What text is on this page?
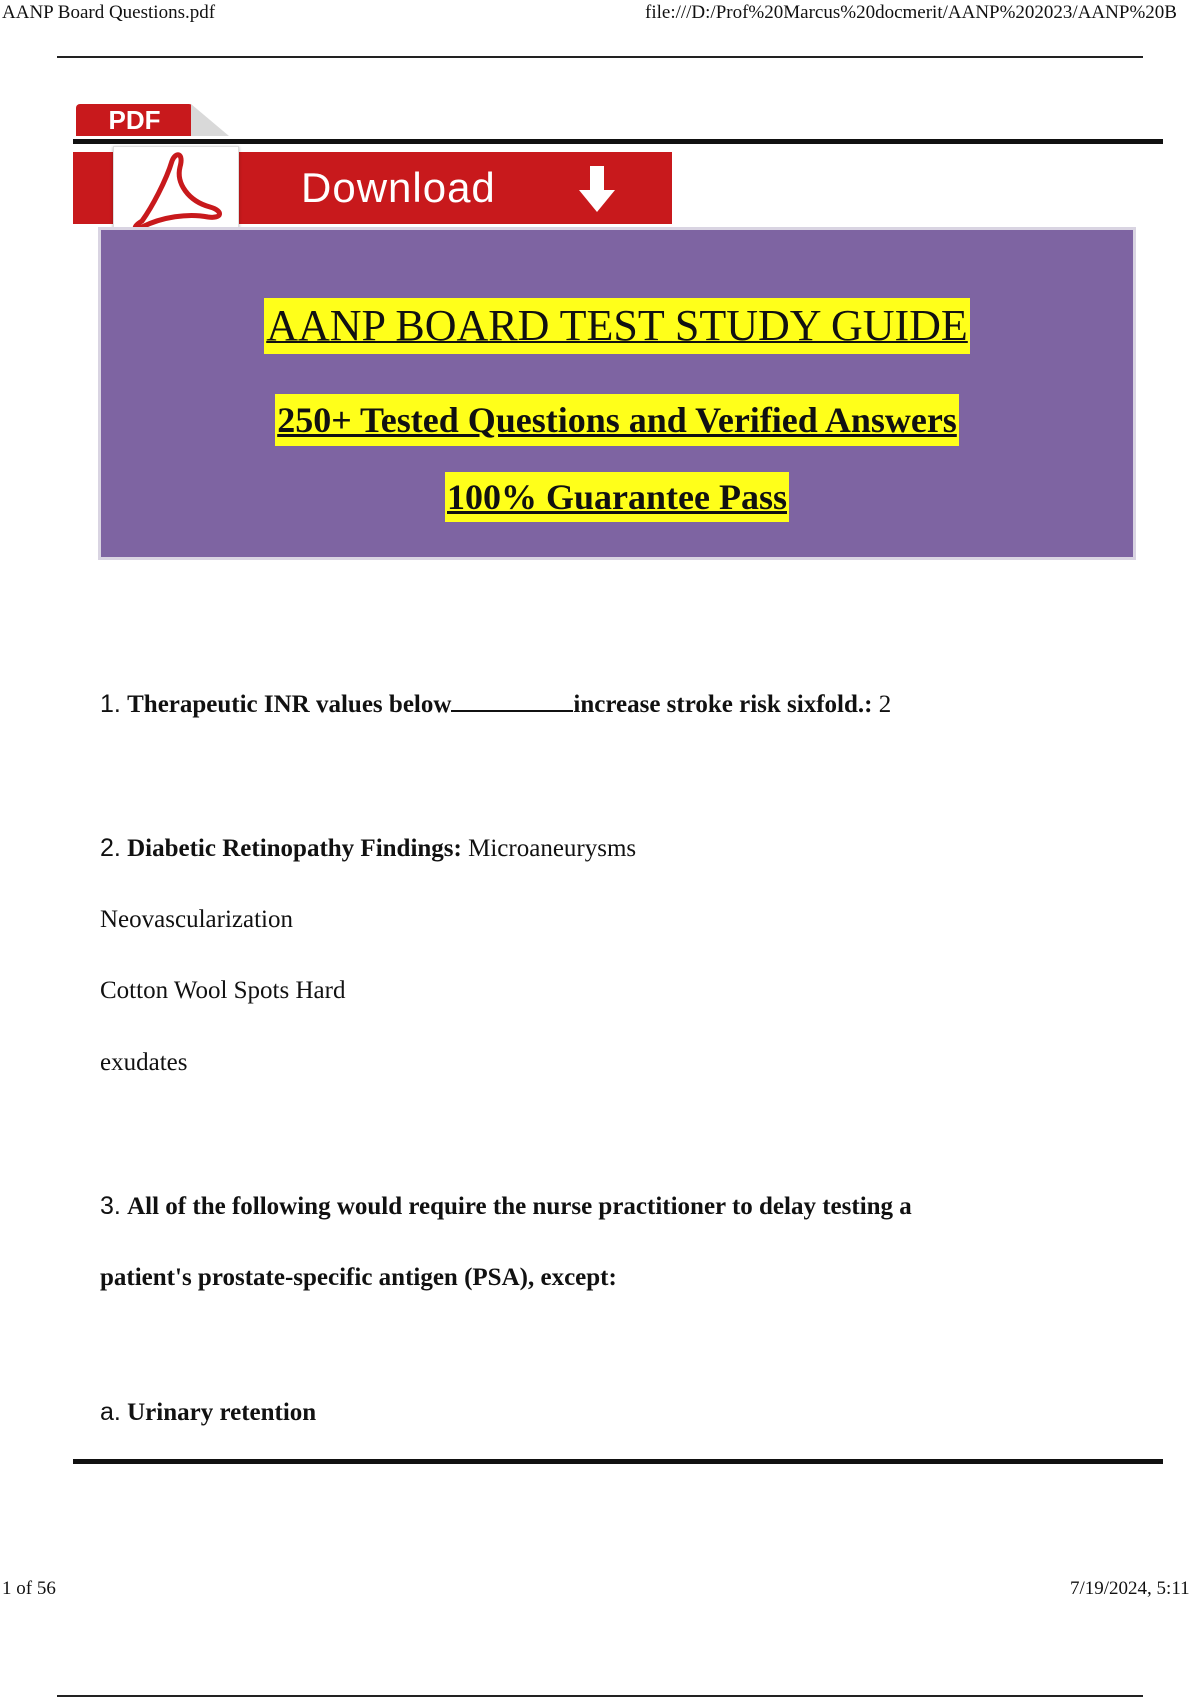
AANP Board Questions.pdf	file:///D:/Prof%20Marcus%20docmerit/AANP%202023/AANP%20B
PDF
Download
AANP BOARD TEST STUDY GUIDE
250+ Tested Questions and Verified Answers
100% Guarantee Pass
1. Therapeutic INR values below	increase stroke risk sixfold.: 2
2. Diabetic Retinopathy Findings: Microaneurysms
Neovascularization
Cotton Wool Spots Hard
exudates
3. All of the following would require the nurse practitioner to delay testing a
patient's prostate-specific antigen (PSA), except:
a. Urinary retention
1 of 56	7/19/2024, 5:11
